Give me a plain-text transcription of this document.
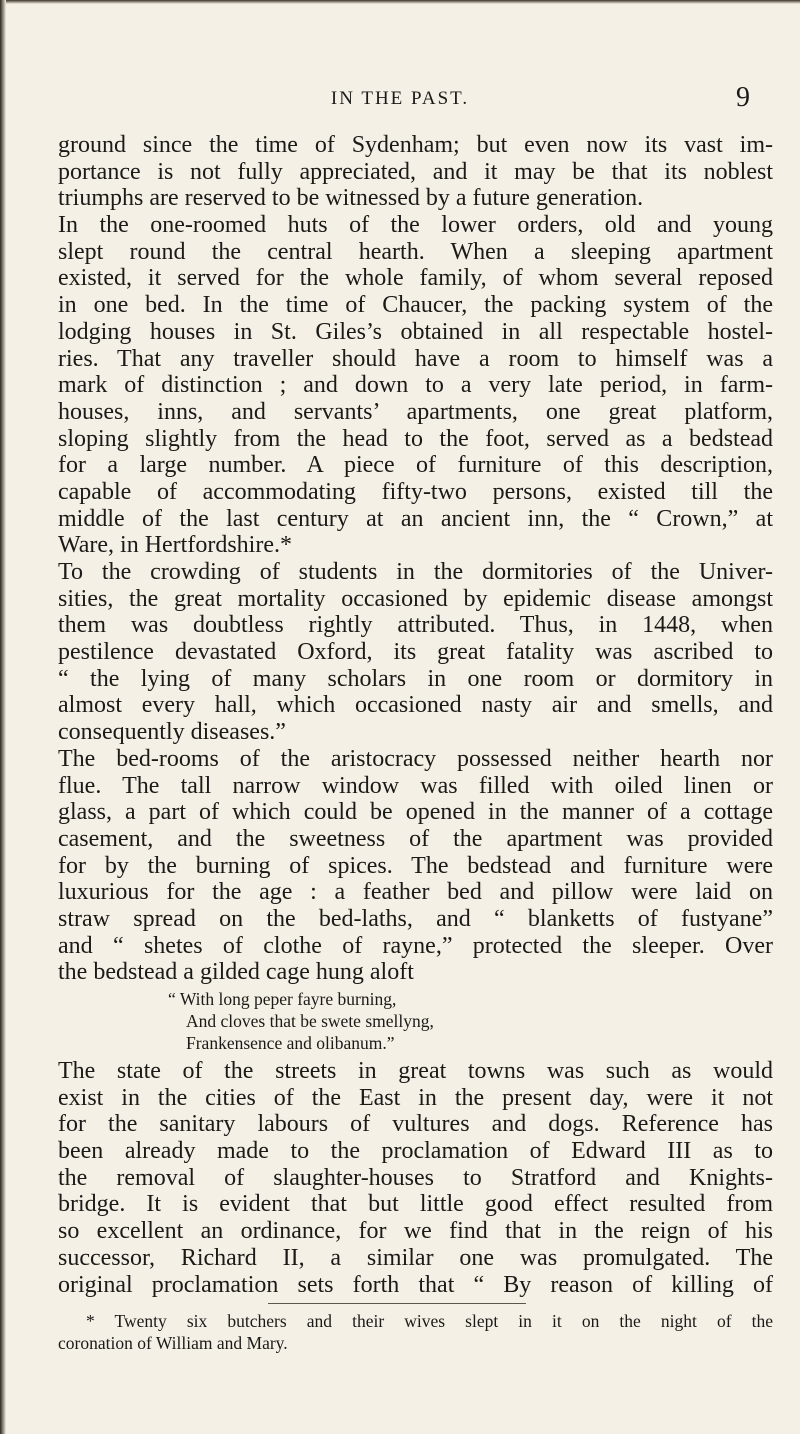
IN THE PAST.	9
ground since the time of Sydenham; but even now its vast im-
portance is not fully appreciated, and it may be that its noblest
triumphs are reserved to be witnessed by a future generation.
In the one-roomed huts of the lower orders, old and young
slept round the central hearth. When a sleeping apartment
existed, it served for the whole family, of whom several reposed
in one bed. In the time of Chaucer, the packing system of the
lodging houses in St. Giles’s obtained in all respectable hostel-
ries. That any traveller should have a room to himself was a
mark of distinction ; and down to a very late period, in farm-
houses, inns, and servants’ apartments, one great platform,
sloping slightly from the head to the foot, served as a bedstead
for a large number. A piece of furniture of this description,
capable of accommodating fifty-two persons, existed till the
middle of the last century at an ancient inn, the “ Crown,” at
Ware, in Hertfordshire.*
To the crowding of students in the dormitories of the Univer-
sities, the great mortality occasioned by epidemic disease amongst
them was doubtless rightly attributed. Thus, in 1448, when
pestilence devastated Oxford, its great fatality was ascribed to
“ the lying of many scholars in one room or dormitory in
almost every hall, which occasioned nasty air and smells, and
consequently diseases.”
The bed-rooms of the aristocracy possessed neither hearth nor
flue. The tall narrow window was filled with oiled linen or
glass, a part of which could be opened in the manner of a cottage
casement, and the sweetness of the apartment was provided
for by the burning of spices. The bedstead and furniture were
luxurious for the age : a feather bed and pillow were laid on
straw spread on the bed-laths, and “ blanketts of fustyane”
and “ shetes of clothe of rayne,” protected the sleeper. Over
the bedstead a gilded cage hung aloft
“ With long peper fayre burning,
And cloves that be swete smellyng,
Frankensence and olibanum.”
The state of the streets in great towns was such as would
exist in the cities of the East in the present day, were it not
for the sanitary labours of vultures and dogs. Reference has
been already made to the proclamation of Edward III as to
the removal of slaughter-houses to Stratford and Knights-
bridge. It is evident that but little good effect resulted from
so excellent an ordinance, for we find that in the reign of his
successor, Richard II, a similar one was promulgated. The
original proclamation sets forth that “ By reason of killing of
* Twenty six butchers and their wives slept in it on the night of the
coronation of William and Mary.
